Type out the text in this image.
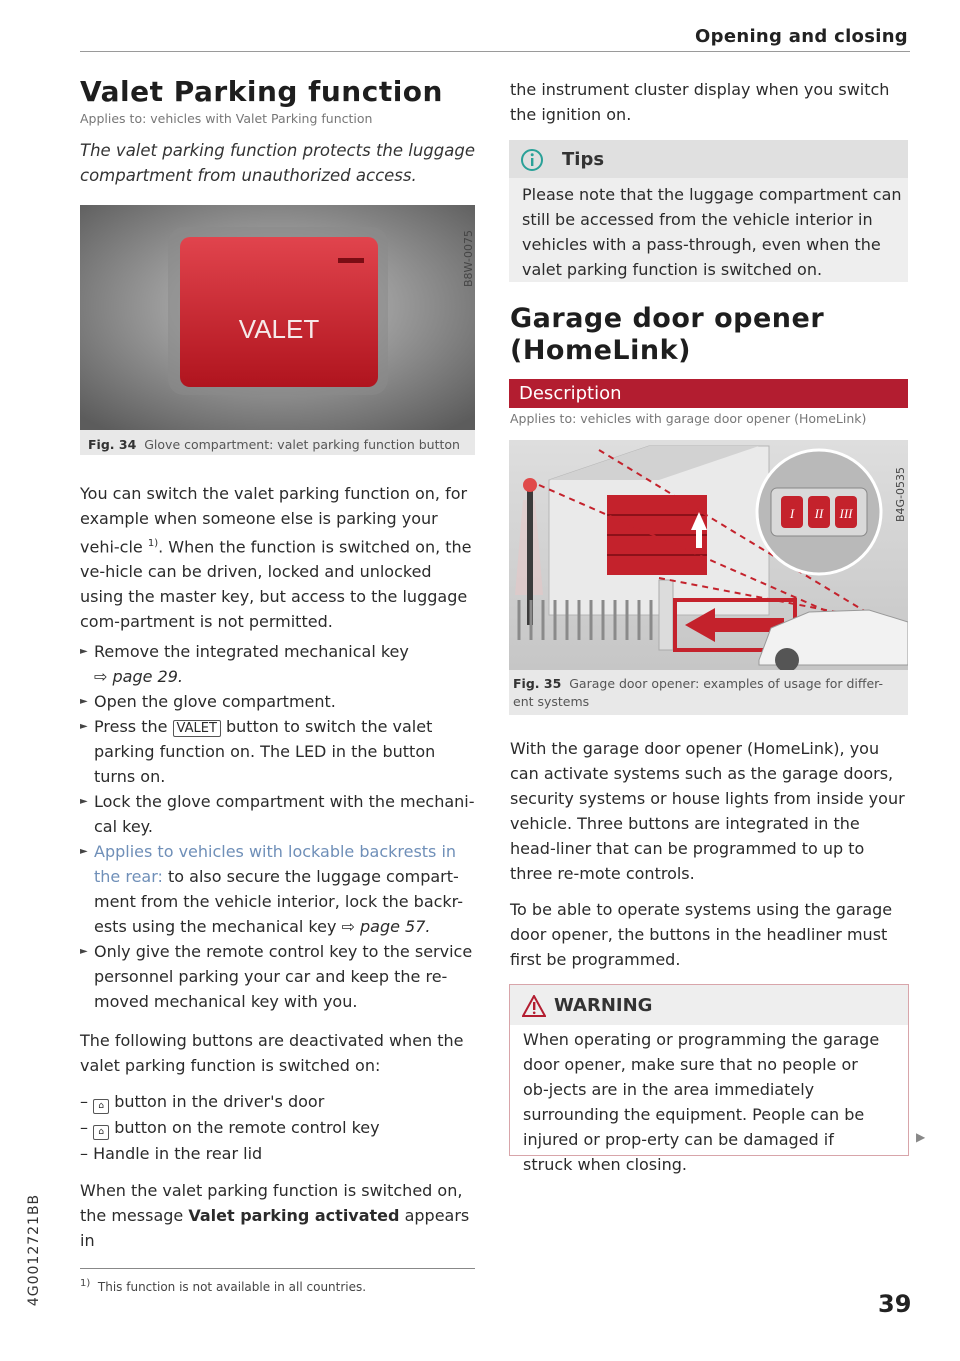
Opening and closing
Valet Parking function
Applies to: vehicles with Valet Parking function
The valet parking function protects the luggage compartment from unauthorized access.
VALET
B8W-0075
Fig. 34 Glove compartment: valet parking function button

You can switch the valet parking function on, for example when someone else is parking your vehi-cle $^{1)}$. When the function is switched on, the ve-hicle can be driven, locked and unlocked using the master key, but access to the luggage com-partment is not permitted.

► Remove the integrated mechanical key
⇨ page 29.
► Open the glove compartment.
► Press the VALET button to switch the valet parking function on. The LED in the button turns on.
► Lock the glove compartment with the mechani-cal key.
► Applies to vehicles with lockable backrests in the rear: to also secure the luggage compart-ment from the vehicle interior, lock the backr-ests using the mechanical key ⇨ page 57.
► Only give the remote control key to the service personnel parking your car and keep the re-moved mechanical key with you.

The following buttons are deactivated when the valet parking function is switched on:

– ⌂ button in the driver's door
– ⌂ button on the remote control key
– Handle in the rear lid

When the valet parking function is switched on, the message Valet parking activated appears in

$^{1)}$ This function is not available in all countries.

the instrument cluster display when you switch the ignition on.

Tips

Please note that the luggage compartment can still be accessed from the vehicle interior in vehicles with a pass-through, even when the valet parking function is switched on.

Garage door opener
(HomeLink)
Description
Applies to: vehicles with garage door opener (HomeLink)
I II III	B4G-0535
Fig. 35 Garage door opener: examples of usage for differ-ent systems

With the garage door opener (HomeLink), you can activate systems such as the garage doors, security systems or house lights from inside your vehicle. Three buttons are integrated in the head-liner that can be programmed to up to three re-mote controls.

To be able to operate systems using the garage door opener, the buttons in the headliner must first be programmed.

WARNING

When operating or programming the garage door opener, make sure that no people or ob-jects are in the area immediately surrounding the equipment. People can be injured or prop-erty can be damaged if struck when closing.

▶
4G0012721BB	39
